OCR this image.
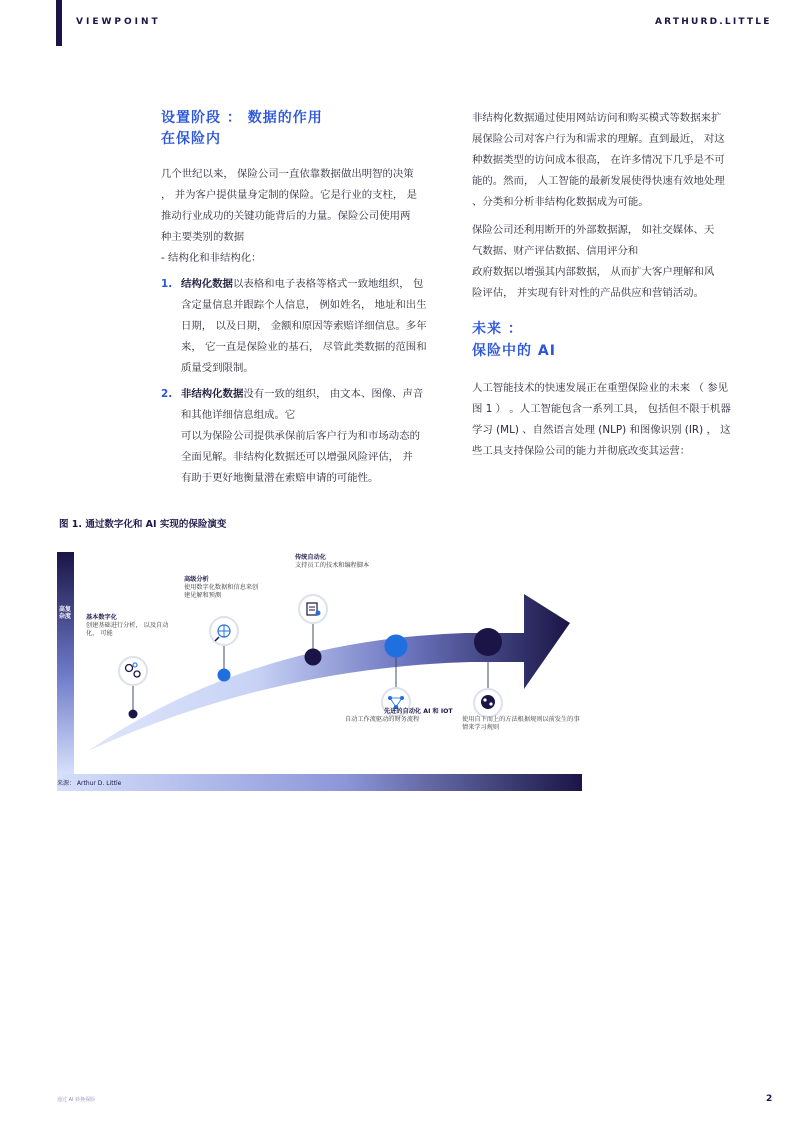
VIEWPOINT	ARTHURD.LITTLE
设置阶段 ： 数据的作用
在保险内
几个世纪以来， 保险公司一直依靠数据做出明智的决策
， 并为客户提供量身定制的保险。它是行业的支柱， 是
推动行业成功的关键功能背后的力量。保险公司使用两
种主要类别的数据
- 结构化和非结构化：
1. 结构化数据以表格和电子表格等格式一致地组织， 包
含定量信息并跟踪个人信息， 例如姓名， 地址和出生
日期， 以及日期， 金额和原因等索赔详细信息。多年
来， 它一直是保险业的基石， 尽管此类数据的范围和
质量受到限制。
2. 非结构化数据没有一致的组织， 由文本、图像、声音
和其他详细信息组成。它
可以为保险公司提供承保前后客户行为和市场动态的
全面见解。非结构化数据还可以增强风险评估， 并
有助于更好地衡量潜在索赔申请的可能性。
非结构化数据通过使用网站访问和购买模式等数据来扩
展保险公司对客户行为和需求的理解。直到最近， 对这
种数据类型的访问成本很高， 在许多情况下几乎是不可
能的。然而， 人工智能的最新发展使得快速有效地处理
、分类和分析非结构化数据成为可能。
保险公司还利用断开的外部数据源， 如社交媒体、天
气数据、财产评估数据、信用评分和
政府数据以增强其内部数据， 从而扩大客户理解和风
险评估， 并实现有针对性的产品供应和营销活动。
未来 ：
保险中的 AI
人工智能技术的快速发展正在重塑保险业的未来 （ 参见
图 1 ） 。人工智能包含一系列工具， 包括但不限于机器
学习 (ML) 、自然语言处理 (NLP) 和图像识别 (IR) ， 这
些工具支持保险公司的能力并彻底改变其运营：
图 1. 通过数字化和 AI 实现的保险演变
高复杂度 基本数字化
创建基础进行分析， 以及自动
化， 可能
高级分析
使用数字化数据和信息来创
建见解和预测
传统自动化
支持员工的技术和编程脚本
先进的自动化 AI 和 IOT
自动工作流驱动的财务流程	使用自下而上的方法根据规则以前发生的事
情来学习规则
来源： Arthur D. Little
通过 AI 转换保险	2
